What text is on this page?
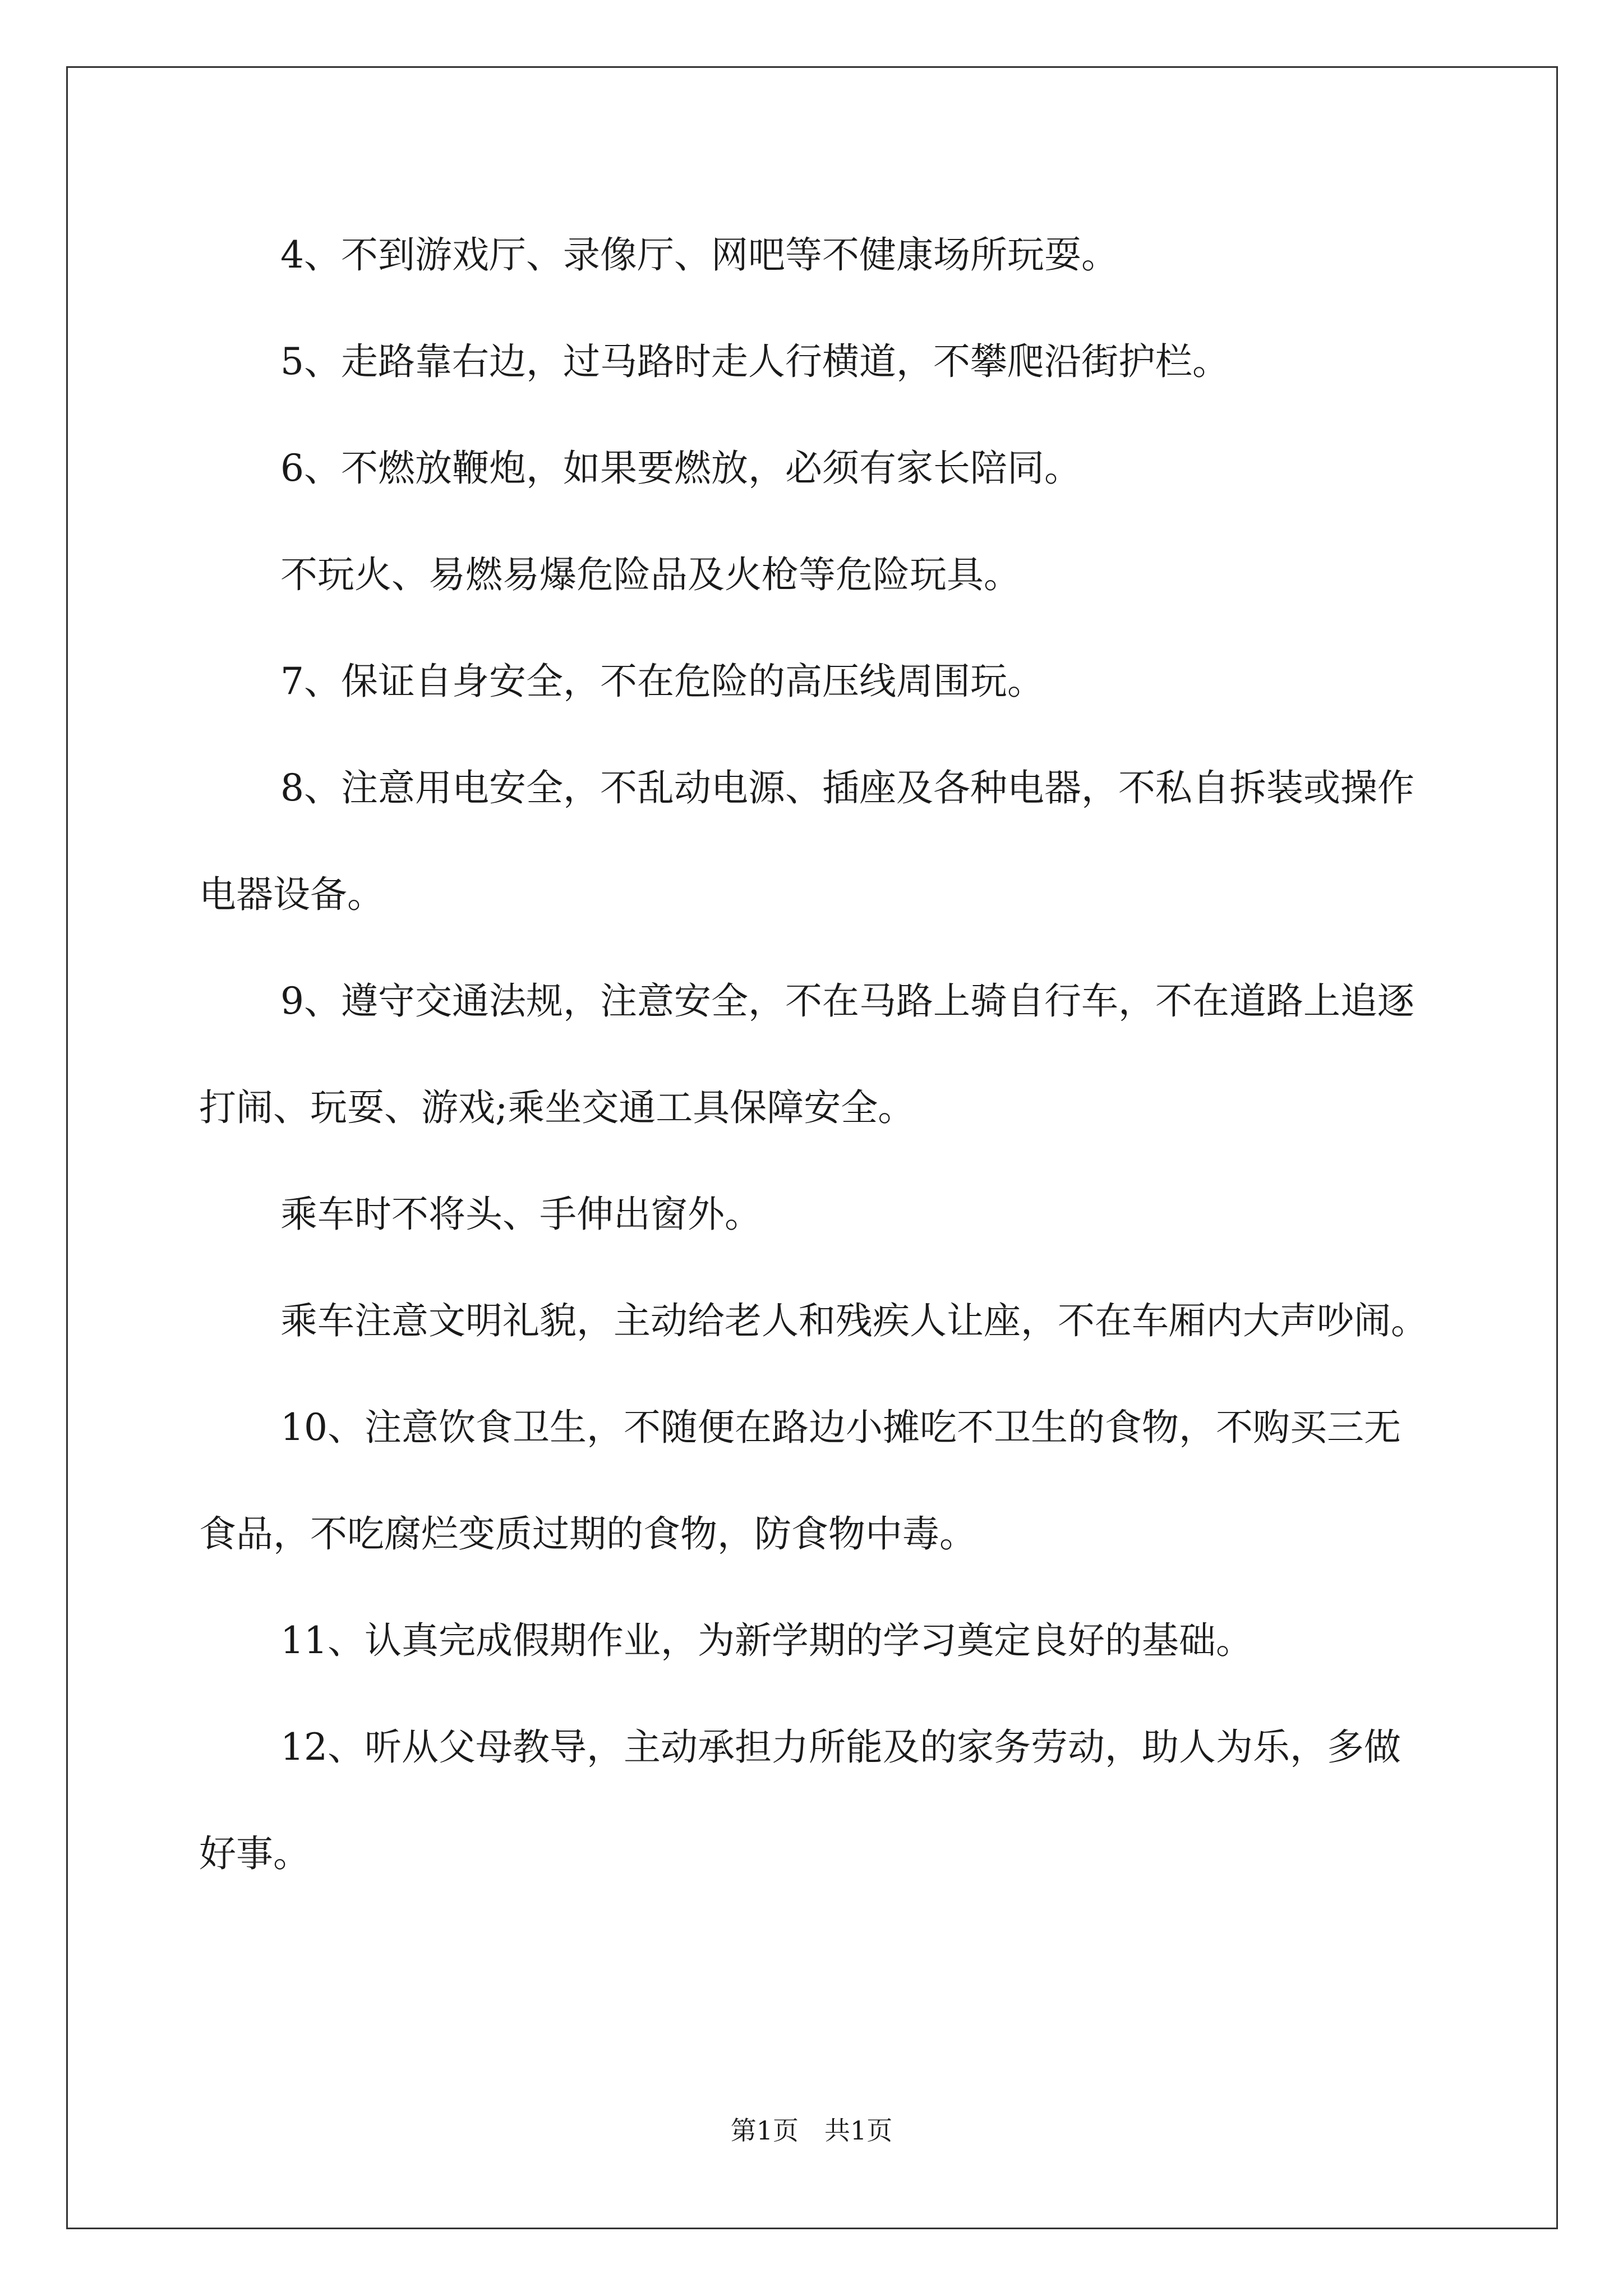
4、不到游戏厅、录像厅、网吧等不健康场所玩耍。

5、走路靠右边，过马路时走人行横道，不攀爬沿街护栏。

6、不燃放鞭炮，如果要燃放，必须有家长陪同。

不玩火、易燃易爆危险品及火枪等危险玩具。

7、保证自身安全，不在危险的高压线周围玩。

8、注意用电安全，不乱动电源、插座及各种电器，不私自拆装或操作电器设备。

9、遵守交通法规，注意安全，不在马路上骑自行车，不在道路上追逐打闹、玩耍、游戏;乘坐交通工具保障安全。

乘车时不将头、手伸出窗外。

乘车注意文明礼貌，主动给老人和残疾人让座，不在车厢内大声吵闹。

10、注意饮食卫生，不随便在路边小摊吃不卫生的食物，不购买三无食品，不吃腐烂变质过期的食物，防食物中毒。

11、认真完成假期作业，为新学期的学习奠定良好的基础。

12、听从父母教导，主动承担力所能及的家务劳动，助人为乐，多做好事。

第1页　共1页
